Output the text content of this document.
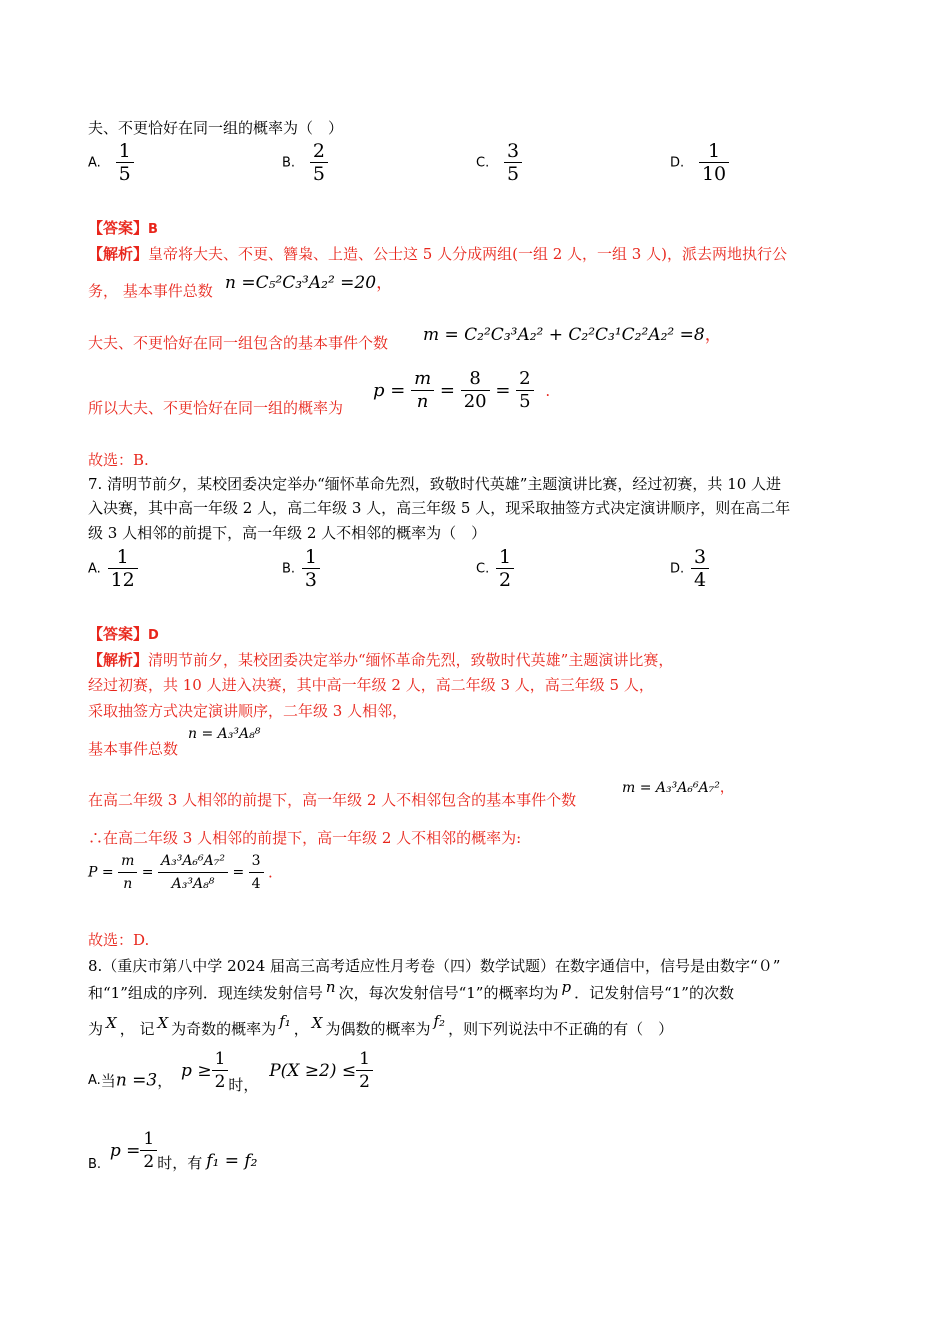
夫、不更恰好在同一组的概率为（　）
A. $\frac{1}{5}$	B. $\frac{2}{5}$	C. $\frac{3}{5}$	D. $\frac{1}{10}$
【答案】B
【解析】皇帝将大夫、不更、簪枭、上造、公士这 5 人分成两组(一组 2 人，一组 3 人)，派去两地执行公
务， 基本事件总数 n =C₅²C₃³A₂² =20，
大夫、不更恰好在同一组包含的基本事件个数 m = C₂²C₃³A₂² + C₂²C₃¹C₂²A₂² =8，
所以大夫、不更恰好在同一组的概率为
$p = \frac{m}{n} = \frac{8}{20} = \frac{2}{5}$ .
故选：B.
7. 清明节前夕，某校团委决定举办“缅怀革命先烈，致敬时代英雄”主题演讲比赛，经过初赛，共 10 人进
入决赛，其中高一年级 2 人，高二年级 3 人，高三年级 5 人，现采取抽签方式决定演讲顺序，则在高二年
级 3 人相邻的前提下，高一年级 2 人不相邻的概率为（　）
A. $\frac{1}{12}$	B. $\frac{1}{3}$	C. $\frac{1}{2}$	D. $\frac{3}{4}$
【答案】D
【解析】清明节前夕，某校团委决定举办“缅怀革命先烈，致敬时代英雄”主题演讲比赛，
经过初赛，共 10 人进入决赛，其中高一年级 2 人，高二年级 3 人，高三年级 5 人，
采取抽签方式决定演讲顺序，二年级 3 人相邻，
基本事件总数
n = A₃³A₈⁸
在高二年级 3 人相邻的前提下，高一年级 2 人不相邻包含的基本事件个数
m = A₃³A₆⁶A₇²，
∴在高二年级 3 人相邻的前提下，高一年级 2 人不相邻的概率为:
$P = \frac{m}{n} = \frac{\text{A₃³A₆⁶A₇²}}{\text{A₃³A₈⁸}} = \frac{3}{4}$ .
故选：D.
8.（重庆市第八中学 2024 届高三高考适应性月考卷（四）数学试题）在数字通信中，信号是由数字“０”
和“1”组成的序列．现连续发射信号 n 次，每次发射信号“1”的概率均为 p ．记发射信号“1”的次数
为 X ， 记 X 为奇数的概率为 f₁ ， X 为偶数的概率为 f₂ ，则下列说法中不正确的有（　）
A.当n =3， $p \ge \frac{1}{2}$ 时， $P(X \ge 2) \le \frac{1}{2}$
B. $p = \frac{1}{2}$ 时，有 f₁ = f₂
